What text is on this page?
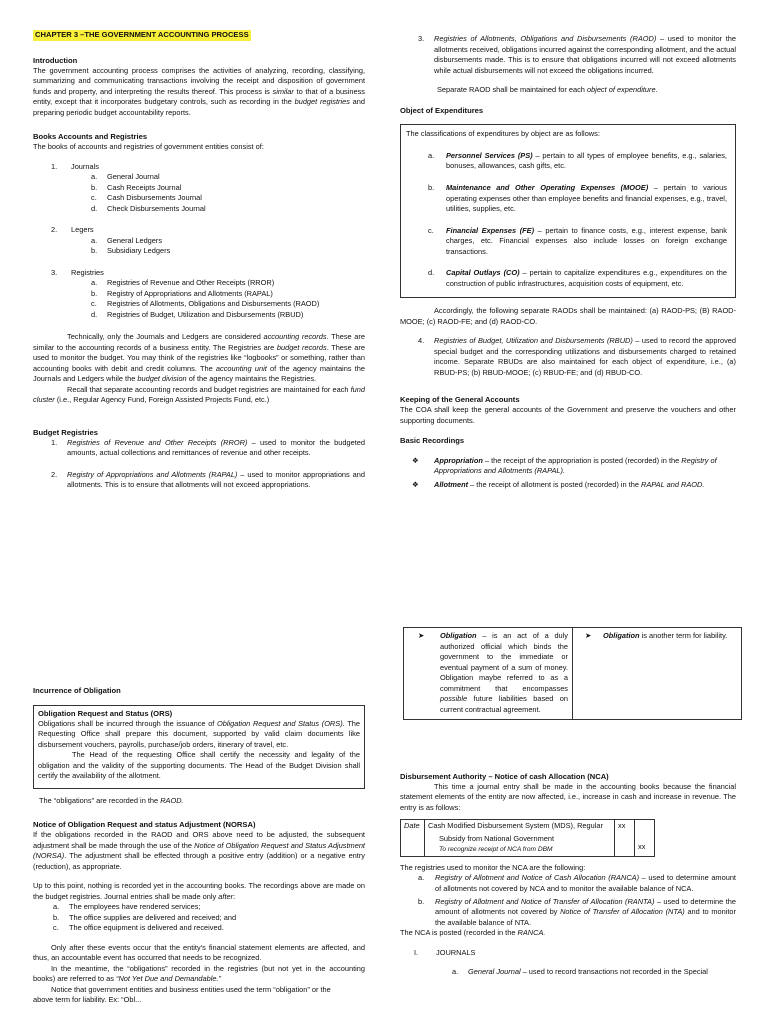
CHAPTER 3 –THE GOVERNMENT ACCOUNTING PROCESS
Introduction

The government accounting process comprises the activities of analyzing, recording, classifying, summarizing and communicating transactions involving the receipt and disposition of government funds and property, and interpreting the results thereof. This process is similar to that of a business entity, except that it incorporates budgetary controls, such as recording in the budget registries and preparing periodic budget accountability reports.

Books Accounts and Registries

The books of accounts and registries of government entities consist of:

1.	Journals
a.	General Journal
b.	Cash Receipts Journal
c.	Cash Disbursements Journal
d.	Check Disbursements Journal
2.	Legers
a.	General Ledgers
b.	Subsidiary Ledgers
3.	Registries
a.	Registries of Revenue and Other Receipts (RROR)
b.	Registry of Appropriations and Allotments (RAPAL)
c.	Registries of Allotments, Obligations and Disbursements (RAOD)
d.	Registries of Budget, Utilization and Disbursements (RBUD)

Technically, only the Journals and Ledgers are considered accounting records. These are similar to the accounting records of a business entity. The Registries are budget records. These are used to monitor the budget. You may think of the registries like “logbooks” or something, rather than accounting books with debit and credit columns. The accounting unit of the agency maintains the Journals and Ledgers while the budget division of the agency maintains the Registries.

Recall that separate accounting records and budget registries are maintained for each fund cluster (i.e., Regular Agency Fund, Foreign Assisted Projects Fund, etc.)

Budget Registries
1.	Registries of Revenue and Other Receipts (RROR) – used to monitor the budgeted amounts, actual collections and remittances of revenue and other receipts.
2.	Registry of Appropriations and Allotments (RAPAL) – used to monitor appropriations and allotments. This is to ensure that allotments will not exceed appropriations.
Incurrence of Obligation
Obligation Request and Status (ORS)

Obligations shall be incurred through the issuance of Obligation Request and Status (ORS). The Requesting Office shall prepare this document, supported by valid claim documents like disbursement vouchers, payrolls, purchase/job orders, itinerary of travel, etc.

The Head of the requesting Office shall certify the necessity and legality of the obligation and the validity of the supporting documents. The Head of the Budget Division shall certify the availability of the allotment.

The “obligations” are recorded in the RAOD.

Notice of Obligation Request and status Adjustment (NORSA)

If the obligations recorded in the RAOD and ORS above need to be adjusted, the subsequent adjustment shall be made through the use of the Notice of Obligation Request and Status Adjustment (NORSA). The adjustment shall be effected through a positive entry (addition) or a negative entry (reduction), as appropriate.

Up to this point, nothing is recorded yet in the accounting books. The recordings above are made on the budget registries. Journal entries shall be made only after:

a.	The employees have rendered services;
b.	The office supplies are delivered and received; and
c.	The office equipment is delivered and received.

Only after these events occur that the entity's financial statement elements are affected, and thus, an accountable event has occurred that needs to be recognized.

In the meantime, the “obligations” recorded in the registries (but not yet in the accounting books) are referred to as “Not Yet Due and Demandable.”

Notice that government entities and business entities used the term “obligation” or the

above term for liability. Ex: “Obl...

3. Registries of Allotments, Obligations and Disbursements (RAOD) – used to monitor the allotments received, obligations incurred against the corresponding allotment, and the actual disbursements made. This is to ensure that obligations incurred will not exceed allotments while actual disbursements will not exceed the obligations incurred.

Separate RAOD shall be maintained for each object of expenditure.

Object of Expenditures

The classifications of expenditures by object are as follows:

a.	Personnel Services (PS) – pertain to all types of employee benefits, e.g., salaries, bonuses, allowances, cash gifts, etc.
b.	Maintenance and Other Operating Expenses (MOOE) – pertain to various operating expenses other than employee benefits and financial expenses, e.g., travel, utilities, supplies, etc.
c.	Financial Expenses (FE) – pertain to finance costs, e.g., interest expense, bank charges, etc. Financial expenses also include losses on foreign exchange transactions.
d.	Capital Outlays (CO) – pertain to capitalize expenditures e.g., expenditures on the construction of public infrastructures, acquisition costs of equipment, etc.

Accordingly, the following separate RAODs shall be maintained: (a) RAOD-PS; (B) RAOD-MOOE; (c) RAOD-FE; and (d) RAOD-CO.

4.	Registries of Budget, Utilization and Disbursements (RBUD) – used to record the approved special budget and the corresponding utilizations and disbursements charged to retained income. Separate RBUDs are also maintained for each object of expenditure, i.e., (a) RBUD-PS; (b) RBUD-MOOE; (c) RBUD-FE; and (d) RBUD-CO.
Keeping of the General Accounts

The COA shall keep the general accounts of the Government and preserve the vouchers and other supporting documents.

Basic Recordings
❖	Appropriation – the receipt of the appropriation is posted (recorded) in the Registry of Appropriations and Allotments (RAPAL).
❖	Allotment – the receipt of allotment is posted (recorded) in the RAPAL and RAOD.
➤	Obligation – is an act of a duly authorized official which binds the government to the immediate or eventual payment of a sum of money. Obligation maybe referred to as a commitment that encompasses possible future liabilities based on current contractual agreement.
➤	Obligation is another term for liability.
Disbursement Authority – Notice of cash Allocation (NCA)

This time a journal entry shall be made in the accounting books because the financial statement elements of the entity are now affected, i.e., increase in cash and increase in revenue. The entry is as follows:

Date	Cash Modified Disbursement System (MDS), Regular	xx	
	Subsidy from National Government
To recognize receipt of NCA from DBM		xx

The registries used to monitor the NCA are the following:

a.	Registry of Allotment and Notice of Cash Allocation (RANCA) – used to determine amount of allotments not covered by NCA and to monitor the available balance of NCA.
b.	Registry of Allotment and Notice of Transfer of Allocation (RANTA) – used to determine the amount of allotments not covered by Notice of Transfer of Allocation (NTA) and to monitor the available balance of NTA.

The NCA is posted (recorded in the RANCA.

I.	JOURNALS
a.	General Journal – used to record transactions not recorded in the Special
